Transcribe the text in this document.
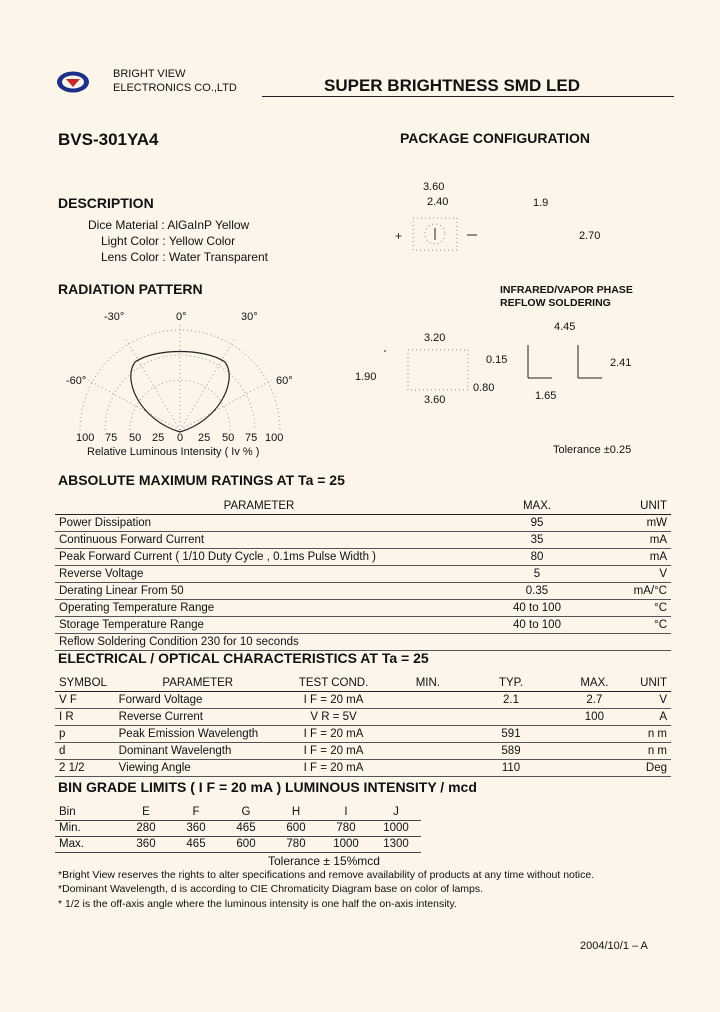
BRIGHT VIEW
ELECTRONICS CO.,LTD	SUPER BRIGHTNESS SMD LED
BVS-301YA4	PACKAGE CONFIGURATION
DESCRIPTION
Dice Material : AlGaInP Yellow
Light Color : Yellow Color
Lens Color : Water Transparent
RADIATION PATTERN
-30°	0°	30°
-60°	60°
100 75 50 25 0 25 50 75 100
Relative Luminous Intensity ( Iv % )
+
3.60
2.40	1.9
2.70
INFRARED/VAPOR PHASE
REFLOW SOLDERING
3.20
0.15
1.90
0.80
3.60
4.45
2.41
1.65
Tolerance ±0.25
ABSOLUTE MAXIMUM RATINGS AT Ta = 25
PARAMETER	MAX.	UNIT
Power Dissipation	95	mW
Continuous Forward Current	35	mA
Peak Forward Current ( 1/10 Duty Cycle , 0.1ms Pulse Width )	80	mA
Reverse Voltage	5	V
Derating Linear From 50	0.35	mA/°C
Operating Temperature Range	40 to 100	°C
Storage Temperature Range	40 to 100	°C
Reflow Soldering Condition 230 for 10 seconds		
ELECTRICAL / OPTICAL CHARACTERISTICS AT Ta = 25
SYMBOL	PARAMETER	TEST COND.	MIN.	TYP.	MAX.	UNIT
V F	Forward Voltage	I F = 20 mA		2.1	2.7	V
I R	Reverse Current	V R = 5V			100	A
p	Peak Emission Wavelength	I F = 20 mA		591		n m
d	Dominant Wavelength	I F = 20 mA		589		n m
2 1/2	Viewing Angle	I F = 20 mA		110		Deg
BIN GRADE LIMITS ( I F = 20 mA ) LUMINOUS INTENSITY / mcd
Bin	E	F	G	H	I	J
Min.	280	360	465	600	780	1000
Max.	360	465	600	780	1000	1300
Tolerance ± 15%mcd
*Bright View reserves the rights to alter specifications and remove availability of products at any time without notice.
*Dominant Wavelength, d is according to CIE Chromaticity Diagram base on color of lamps.
* 1/2 is the off-axis angle where the luminous intensity is one half the on-axis intensity.
2004/10/1 – A
